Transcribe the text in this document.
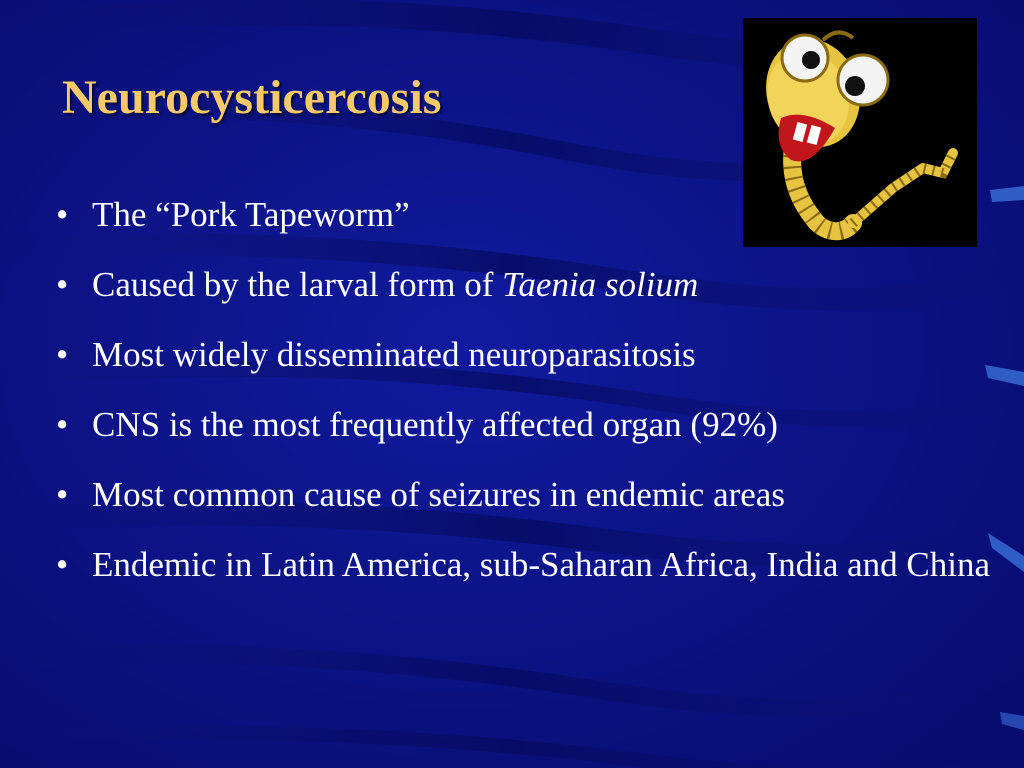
Neurocysticercosis
• The “Pork Tapeworm”
• Caused by the larval form of Taenia solium
• Most widely disseminated neuroparasitosis
• CNS is the most frequently affected organ (92%)
• Most common cause of seizures in endemic areas
• Endemic in Latin America, sub-Saharan Africa, India and China
